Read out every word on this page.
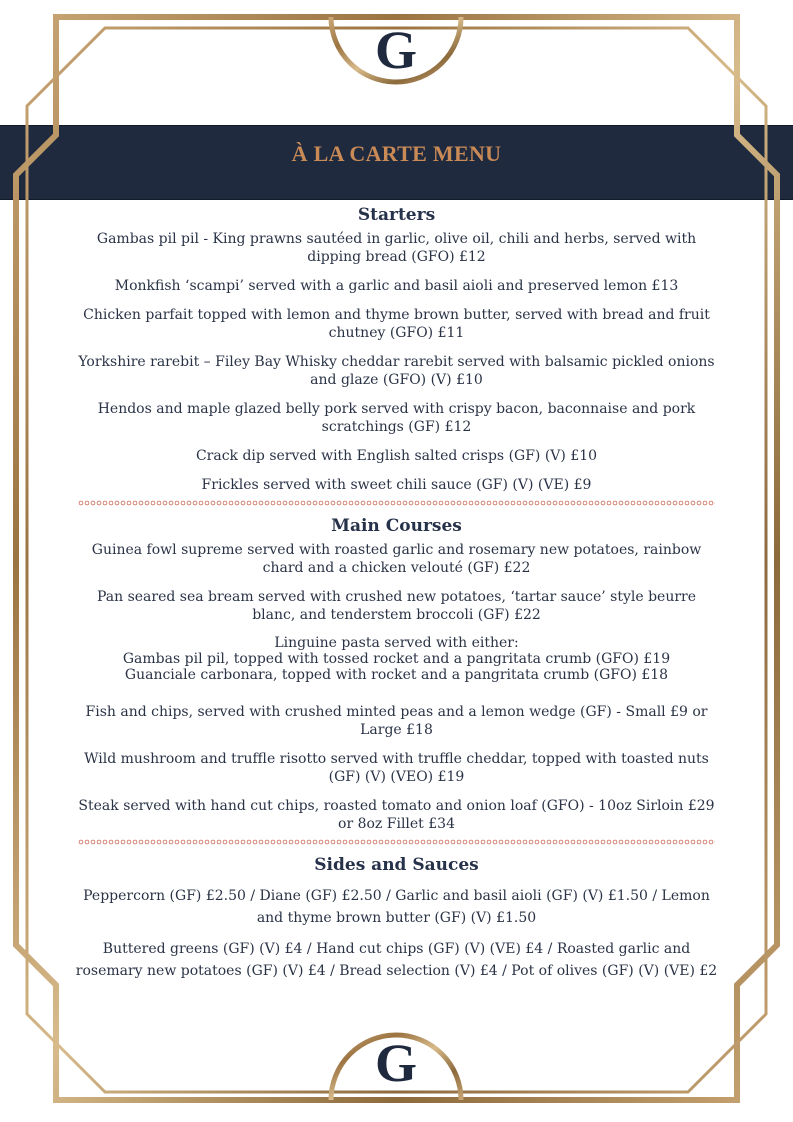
G
G
À LA CARTE MENU
Starters
Gambas pil pil - King prawns sautéed in garlic, olive oil, chili and herbs, served with dipping bread (GFO) £12
Monkfish ‘scampi’ served with a garlic and basil aioli and preserved lemon £13
Chicken parfait topped with lemon and thyme brown butter, served with bread and fruit chutney (GFO) £11
Yorkshire rarebit – Filey Bay Whisky cheddar rarebit served with balsamic pickled onions and glaze (GFO) (V) £10
Hendos and maple glazed belly pork served with crispy bacon, baconnaise and pork scratchings (GF) £12
Crack dip served with English salted crisps (GF) (V) £10
Frickles served with sweet chili sauce (GF) (V) (VE) £9
Main Courses
Guinea fowl supreme served with roasted garlic and rosemary new potatoes, rainbow chard and a chicken velouté (GF) £22
Pan seared sea bream served with crushed new potatoes, ‘tartar sauce’ style beurre blanc, and tenderstem broccoli (GF) £22
Linguine pasta served with either:
Gambas pil pil, topped with tossed rocket and a pangritata crumb (GFO) £19
Guanciale carbonara, topped with rocket and a pangritata crumb (GFO) £18
Fish and chips, served with crushed minted peas and a lemon wedge (GF) - Small £9 or Large £18
Wild mushroom and truffle risotto served with truffle cheddar, topped with toasted nuts (GF) (V) (VEO) £19
Steak served with hand cut chips, roasted tomato and onion loaf (GFO) - 10oz Sirloin £29 or 8oz Fillet £34
Sides and Sauces
Peppercorn (GF) £2.50 / Diane (GF) £2.50 / Garlic and basil aioli (GF) (V) £1.50 / Lemon and thyme brown butter (GF) (V) £1.50
Buttered greens (GF) (V) £4 / Hand cut chips (GF) (V) (VE) £4 / Roasted garlic and rosemary new potatoes (GF) (V) £4 / Bread selection (V) £4 / Pot of olives (GF) (V) (VE) £2
